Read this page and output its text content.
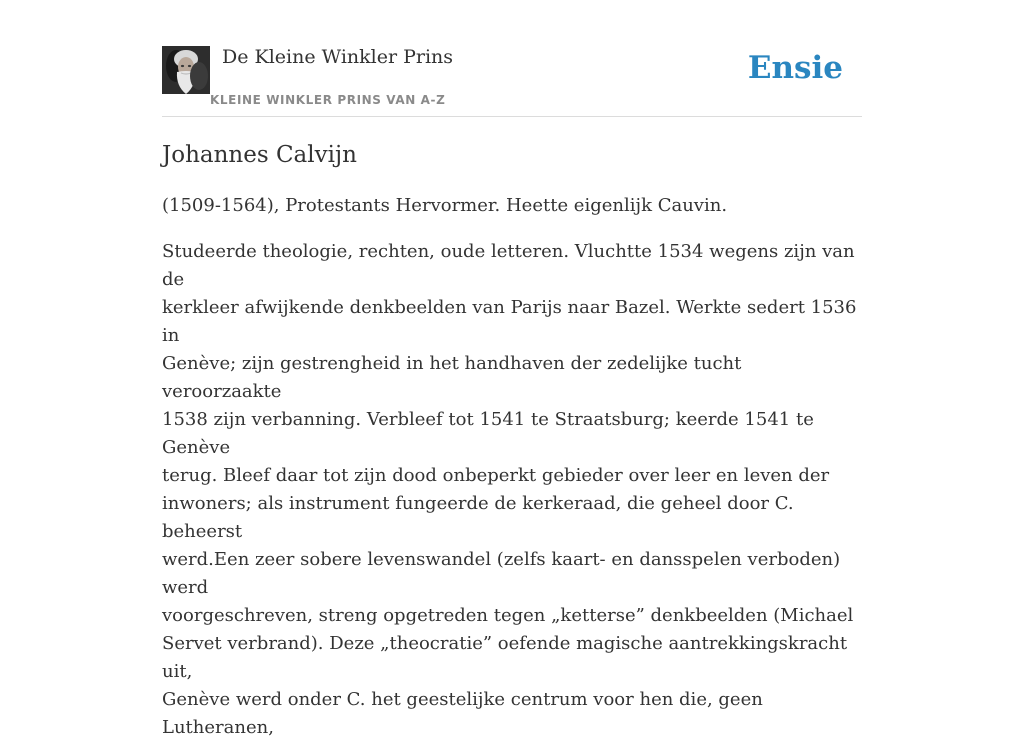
De Kleine Winkler Prins
KLEINE WINKLER PRINS VAN A-Z
Ensie
Johannes Calvijn

(1509-1564), Protestants Hervormer. Heette eigenlijk Cauvin.

Studeerde theologie, rechten, oude letteren. Vluchtte 1534 wegens zijn van de
kerkleer afwijkende denkbeelden van Parijs naar Bazel. Werkte sedert 1536 in
Genève; zijn gestrengheid in het handhaven der zedelijke tucht veroorzaakte
1538 zijn verbanning. Verbleef tot 1541 te Straatsburg; keerde 1541 te Genève
terug. Bleef daar tot zijn dood onbeperkt gebieder over leer en leven der
inwoners; als instrument fungeerde de kerkeraad, die geheel door C. beheerst
werd.Een zeer sobere levenswandel (zelfs kaart- en dansspelen verboden) werd
voorgeschreven, streng opgetreden tegen „ketterse” denkbeelden (Michael
Servet verbrand). Deze „theocratie” oefende magische aantrekkingskracht uit,
Genève werd onder C. het geestelijke centrum voor hen die, geen Lutheranen,
